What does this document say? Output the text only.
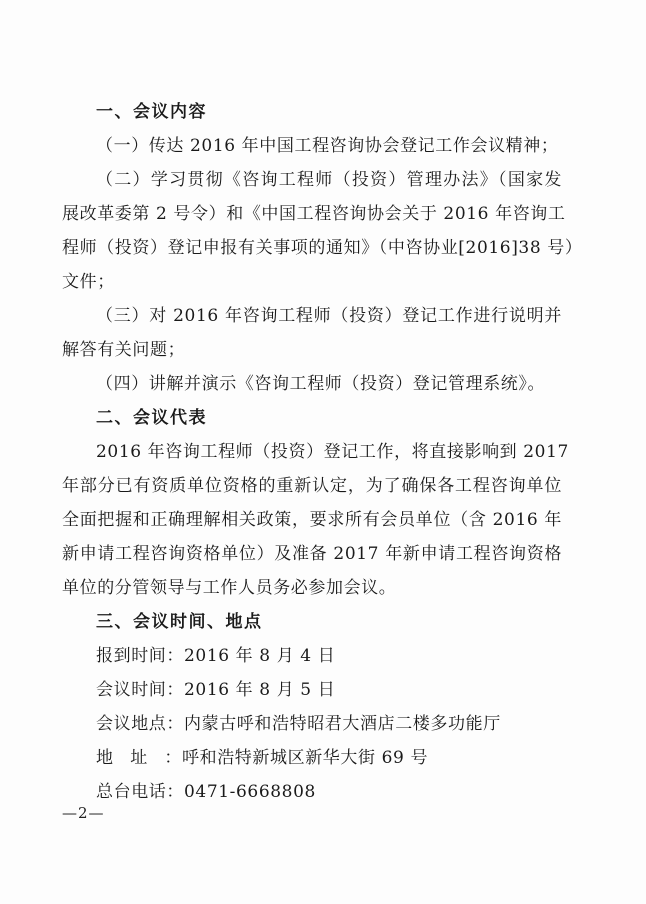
一、会议内容
（一）传达 2016 年中国工程咨询协会登记工作会议精神；
（二）学习贯彻《咨询工程师（投资）管理办法》（国家发
展改革委第 2 号令）和《中国工程咨询协会关于 2016 年咨询工
程师（投资）登记申报有关事项的通知》（中咨协业[2016]38 号）
文件；
（三）对 2016 年咨询工程师（投资）登记工作进行说明并
解答有关问题；
（四）讲解并演示《咨询工程师（投资）登记管理系统》。
二、会议代表
2016 年咨询工程师（投资）登记工作，将直接影响到 2017
年部分已有资质单位资格的重新认定，为了确保各工程咨询单位
全面把握和正确理解相关政策，要求所有会员单位（含 2016 年
新申请工程咨询资格单位）及准备 2017 年新申请工程咨询资格
单位的分管领导与工作人员务必参加会议。
三、会议时间、地点
报到时间：2016 年 8 月 4 日
会议时间：2016 年 8 月 5 日
会议地点：内蒙古呼和浩特昭君大酒店二楼多功能厅
地址： 呼和浩特新城区新华大街 69 号
总台电话：0471-6668808
—2—
